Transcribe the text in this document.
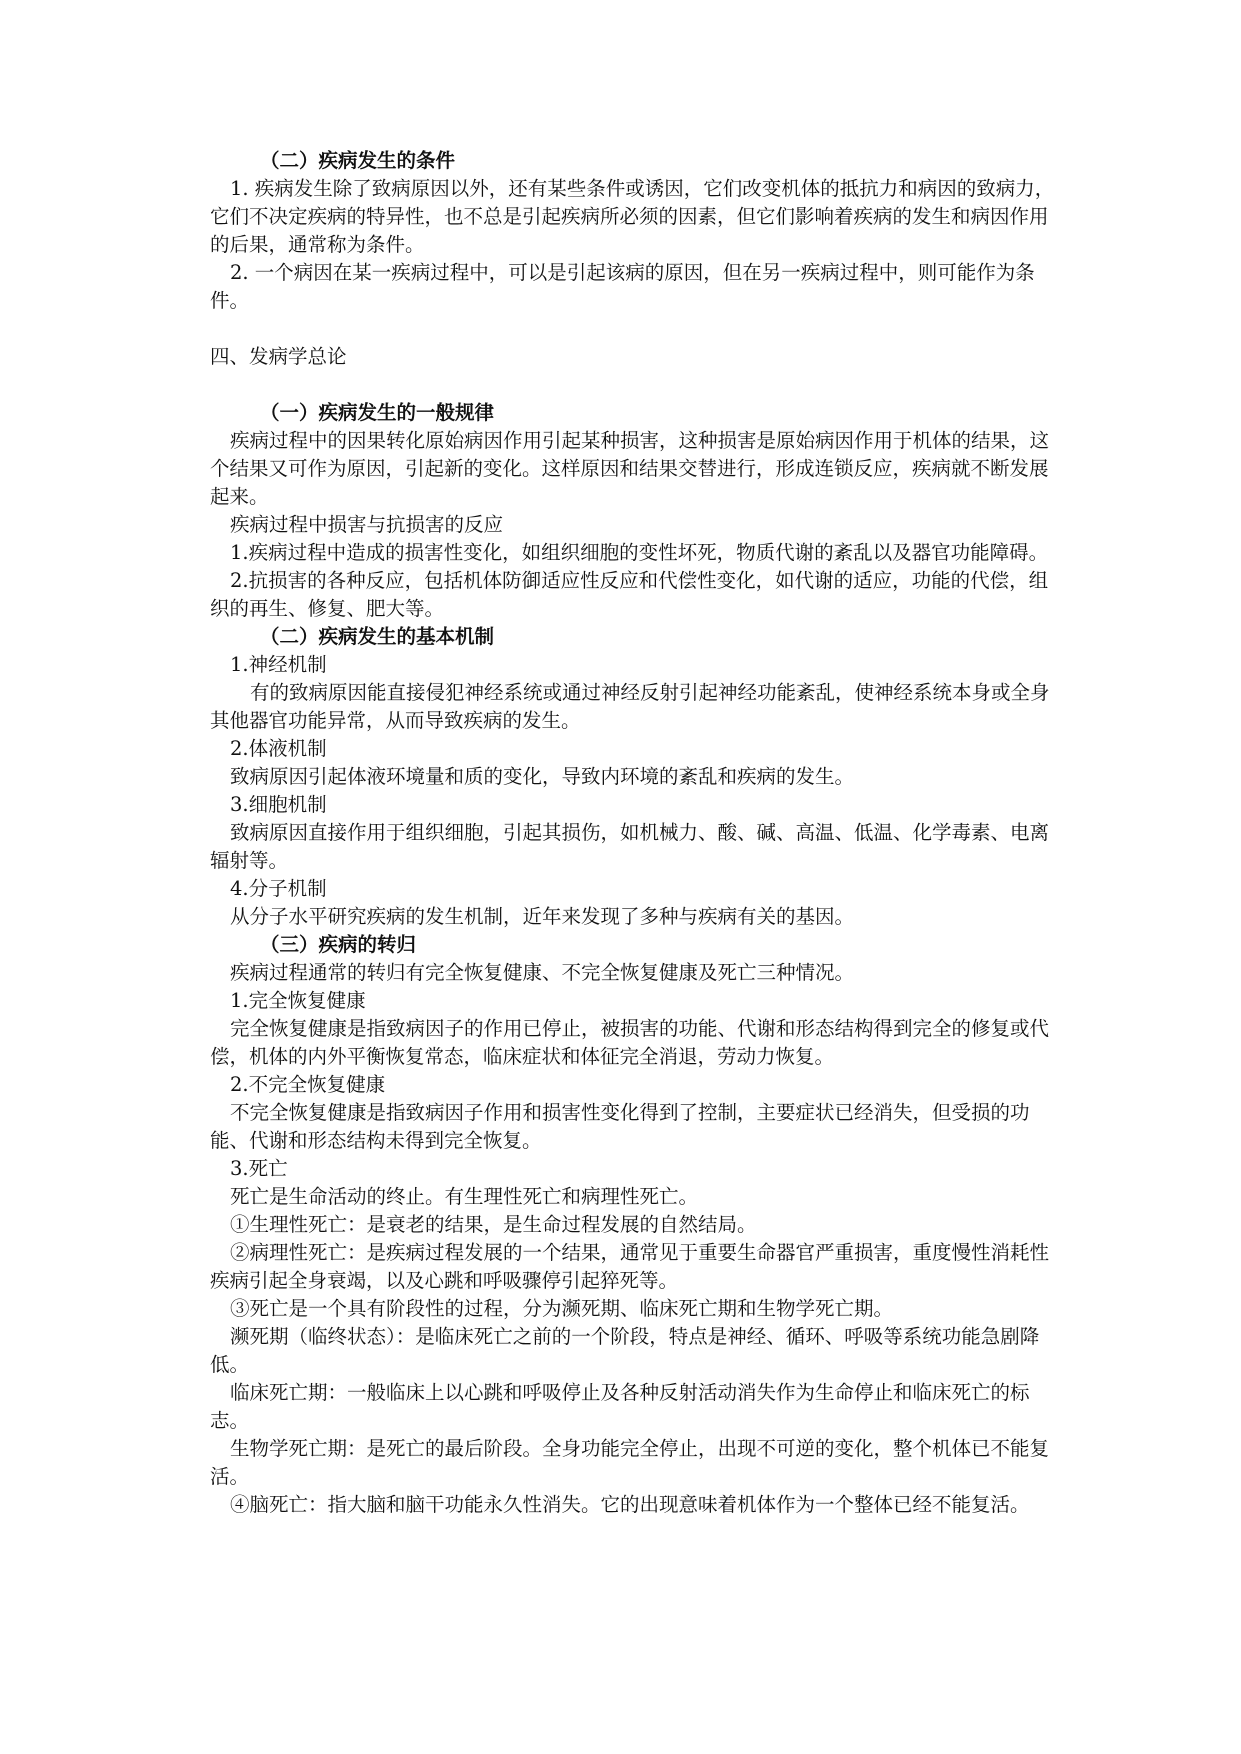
（二）疾病发生的条件

1. 疾病发生除了致病原因以外，还有某些条件或诱因，它们改变机体的抵抗力和病因的致病力，它们不决定疾病的特异性，也不总是引起疾病所必须的因素，但它们影响着疾病的发生和病因作用的后果，通常称为条件。

2. 一个病因在某一疾病过程中，可以是引起该病的原因，但在另一疾病过程中，则可能作为条件。

四、发病学总论

（一）疾病发生的一般规律

疾病过程中的因果转化原始病因作用引起某种损害，这种损害是原始病因作用于机体的结果，这个结果又可作为原因，引起新的变化。这样原因和结果交替进行，形成连锁反应，疾病就不断发展起来。

疾病过程中损害与抗损害的反应

1.疾病过程中造成的损害性变化，如组织细胞的变性坏死，物质代谢的紊乱以及器官功能障碍。

2.抗损害的各种反应，包括机体防御适应性反应和代偿性变化，如代谢的适应，功能的代偿，组织的再生、修复、肥大等。

（二）疾病发生的基本机制

1.神经机制

有的致病原因能直接侵犯神经系统或通过神经反射引起神经功能紊乱，使神经系统本身或全身其他器官功能异常，从而导致疾病的发生。

2.体液机制

致病原因引起体液环境量和质的变化，导致内环境的紊乱和疾病的发生。

3.细胞机制

致病原因直接作用于组织细胞，引起其损伤，如机械力、酸、碱、高温、低温、化学毒素、电离辐射等。

4.分子机制

从分子水平研究疾病的发生机制，近年来发现了多种与疾病有关的基因。

（三）疾病的转归

疾病过程通常的转归有完全恢复健康、不完全恢复健康及死亡三种情况。

1.完全恢复健康

完全恢复健康是指致病因子的作用已停止，被损害的功能、代谢和形态结构得到完全的修复或代偿，机体的内外平衡恢复常态，临床症状和体征完全消退，劳动力恢复。

2.不完全恢复健康

不完全恢复健康是指致病因子作用和损害性变化得到了控制，主要症状已经消失，但受损的功能、代谢和形态结构未得到完全恢复。

3.死亡

死亡是生命活动的终止。有生理性死亡和病理性死亡。

①生理性死亡：是衰老的结果，是生命过程发展的自然结局。

②病理性死亡：是疾病过程发展的一个结果，通常见于重要生命器官严重损害，重度慢性消耗性疾病引起全身衰竭，以及心跳和呼吸骤停引起猝死等。

③死亡是一个具有阶段性的过程，分为濒死期、临床死亡期和生物学死亡期。

濒死期（临终状态）：是临床死亡之前的一个阶段，特点是神经、循环、呼吸等系统功能急剧降低。

临床死亡期：一般临床上以心跳和呼吸停止及各种反射活动消失作为生命停止和临床死亡的标志。

生物学死亡期：是死亡的最后阶段。全身功能完全停止，出现不可逆的变化，整个机体已不能复活。

④脑死亡：指大脑和脑干功能永久性消失。它的出现意味着机体作为一个整体已经不能复活。
